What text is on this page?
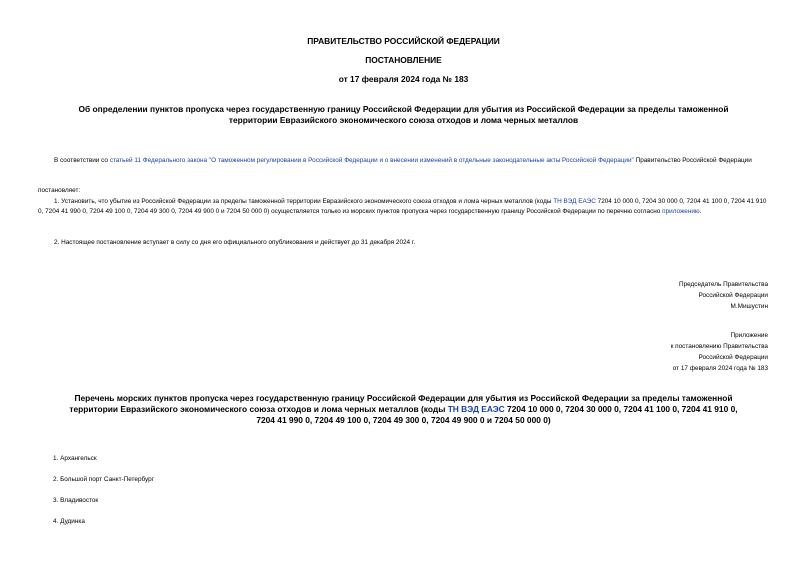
ПРАВИТЕЛЬСТВО РОССИЙСКОЙ ФЕДЕРАЦИИ
ПОСТАНОВЛЕНИЕ
от 17 февраля 2024 года № 183
Об определении пунктов пропуска через государственную границу Российской Федерации для убытия из Российской Федерации за пределы таможенной
территории Евразийского экономического союза отходов и лома черных металлов
В соответствии со статьей 11 Федерального закона "О таможенном регулировании в Российской Федерации и о внесении изменений в отдельные законодательные акты Российской Федерации" Правительство Российской Федерации
постановляет:
1. Установить, что убытие из Российской Федерации за пределы таможенной территории Евразийского экономического союза отходов и лома черных металлов (коды ТН ВЭД ЕАЭС 7204 10 000 0, 7204 30 000 0, 7204 41 100 0, 7204 41 910 0, 7204 41 990 0, 7204 49 100 0, 7204 49 300 0, 7204 49 900 0 и 7204 50 000 0) осуществляется только из морских пунктов пропуска через государственную границу Российской Федерации по перечню согласно приложению.
2. Настоящее постановление вступает в силу со дня его официального опубликования и действует до 31 декабря 2024 г.
Председатель Правительства
Российской Федерации
М.Мишустин
Приложение
к постановлению Правительства
Российской Федерации
от 17 февраля 2024 года № 183
Перечень морских пунктов пропуска через государственную границу Российской Федерации для убытия из Российской Федерации за пределы таможенной
территории Евразийского экономического союза отходов и лома черных металлов (коды ТН ВЭД ЕАЭС 7204 10 000 0, 7204 30 000 0, 7204 41 100 0, 7204 41 910 0,
7204 41 990 0, 7204 49 100 0, 7204 49 300 0, 7204 49 900 0 и 7204 50 000 0)
1. Архангельск
2. Большой порт Санкт-Петербург
3. Владивосток
4. Дудинка
